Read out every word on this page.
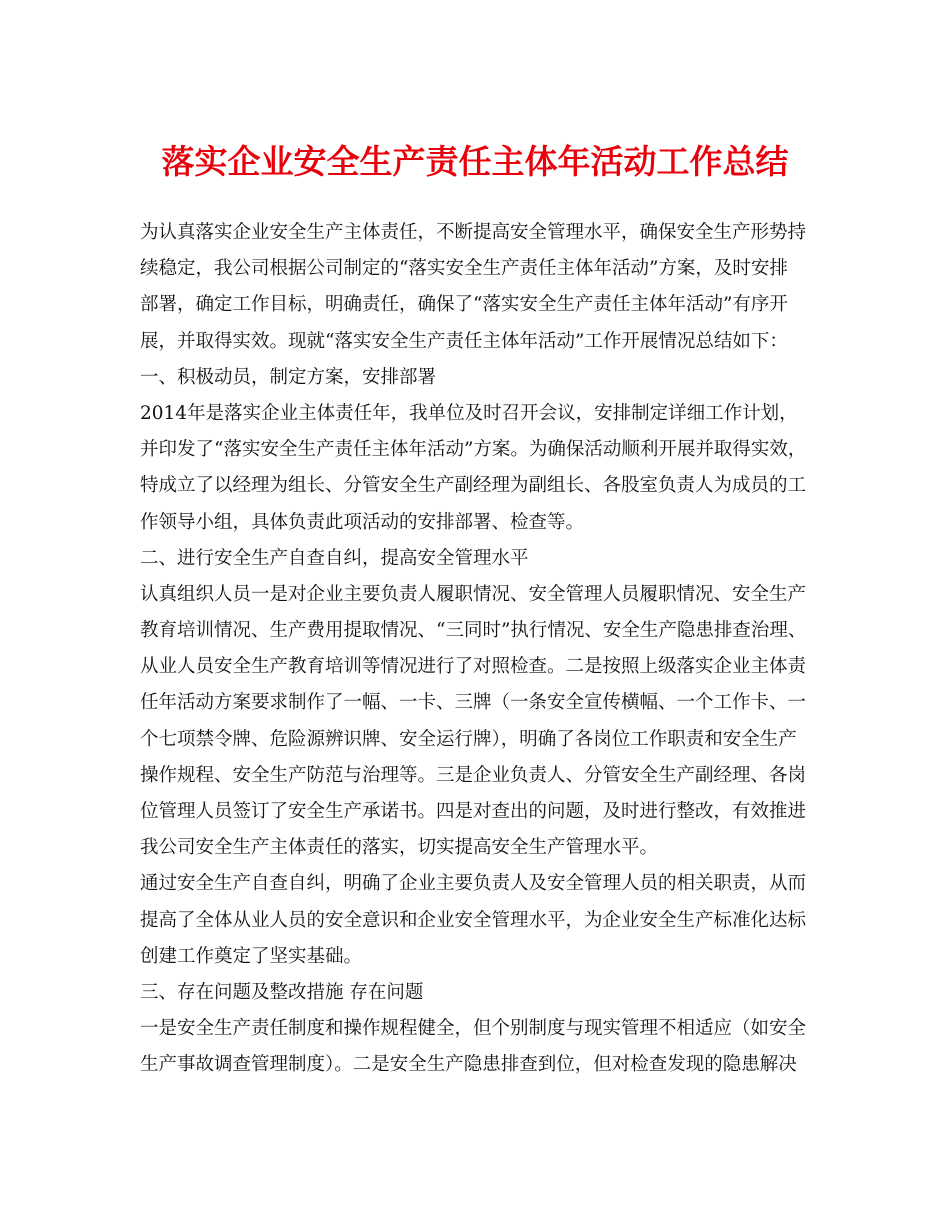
落实企业安全生产责任主体年活动工作总结
为认真落实企业安全生产主体责任，不断提高安全管理水平，确保安全生产形势持
续稳定，我公司根据公司制定的“落实安全生产责任主体年活动”方案，及时安排
部署，确定工作目标，明确责任，确保了“落实安全生产责任主体年活动”有序开
展，并取得实效。现就“落实安全生产责任主体年活动”工作开展情况总结如下：
一、积极动员，制定方案，安排部署
2014年是落实企业主体责任年，我单位及时召开会议，安排制定详细工作计划，
并印发了“落实安全生产责任主体年活动”方案。为确保活动顺利开展并取得实效，
特成立了以经理为组长、分管安全生产副经理为副组长、各股室负责人为成员的工
作领导小组，具体负责此项活动的安排部署、检查等。
二、进行安全生产自查自纠，提高安全管理水平
认真组织人员一是对企业主要负责人履职情况、安全管理人员履职情况、安全生产
教育培训情况、生产费用提取情况、“三同时”执行情况、安全生产隐患排查治理、
从业人员安全生产教育培训等情况进行了对照检查。二是按照上级落实企业主体责
任年活动方案要求制作了一幅、一卡、三牌（一条安全宣传横幅、一个工作卡、一
个七项禁令牌、危险源辨识牌、安全运行牌），明确了各岗位工作职责和安全生产
操作规程、安全生产防范与治理等。三是企业负责人、分管安全生产副经理、各岗
位管理人员签订了安全生产承诺书。四是对查出的问题，及时进行整改，有效推进
我公司安全生产主体责任的落实，切实提高安全生产管理水平。
通过安全生产自查自纠，明确了企业主要负责人及安全管理人员的相关职责，从而
提高了全体从业人员的安全意识和企业安全管理水平，为企业安全生产标准化达标
创建工作奠定了坚实基础。
三、存在问题及整改措施 存在问题
一是安全生产责任制度和操作规程健全，但个别制度与现实管理不相适应（如安全
生产事故调查管理制度）。二是安全生产隐患排查到位，但对检查发现的隐患解决
